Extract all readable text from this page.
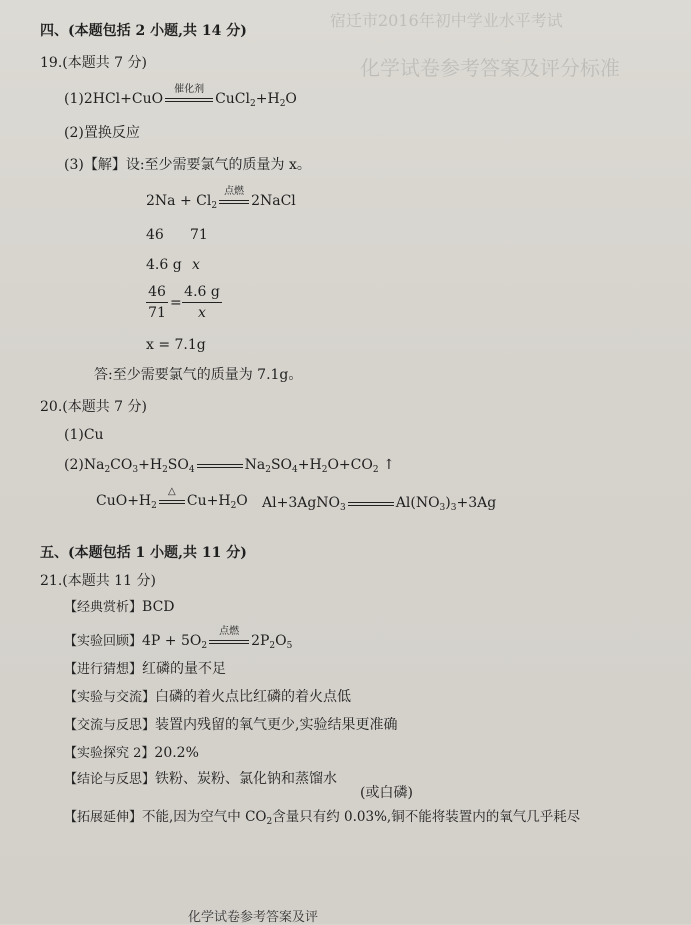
宿迁市2016年初中学业水平考试
化学试卷参考答案及评分标准
四、(本题包括 2 小题,共 14 分)
19.(本题共 7 分)
(1)2HCl+CuO
催化剂
$CuCl_2+H_2O$
(2)置换反应
(3)【解】设:至少需要氯气的质量为 x。
$2Na + Cl_2$
点燃
2NaCl
46 71
4.6 g x
46
71
=
4.6 g
x
x = 7.1g
答:至少需要氯气的质量为 7.1g。
20.(本题共 7 分)
(1)Cu
$(2)Na_2CO_3+H_2SO_4$	$Na_2SO_4+H_2O+CO_2$ ↑
$CuO+H_2$
△
$Cu+H_2O$ Al+3AgNO$_3$	$Al(NO_3)_3+3Ag$
五、(本题包括 1 小题,共 11 分)
21.(本题共 11 分)
【经典赏析】BCD
【实验回顾】$4P + 5O_2$
点燃
$2P_2O_5$
【进行猜想】红磷的量不足
【实验与交流】白磷的着火点比红磷的着火点低
【交流与反思】装置内残留的氧气更少,实验结果更准确
【实验探究 2】20.2%
【结论与反思】铁粉、炭粉、氯化钠和蒸馏水
(或白磷)
【拓展延伸】不能,因为空气中 $CO_2$含量只有约 0.03%,铜不能将装置内的氧气几乎耗尽
化学试卷参考答案及评
